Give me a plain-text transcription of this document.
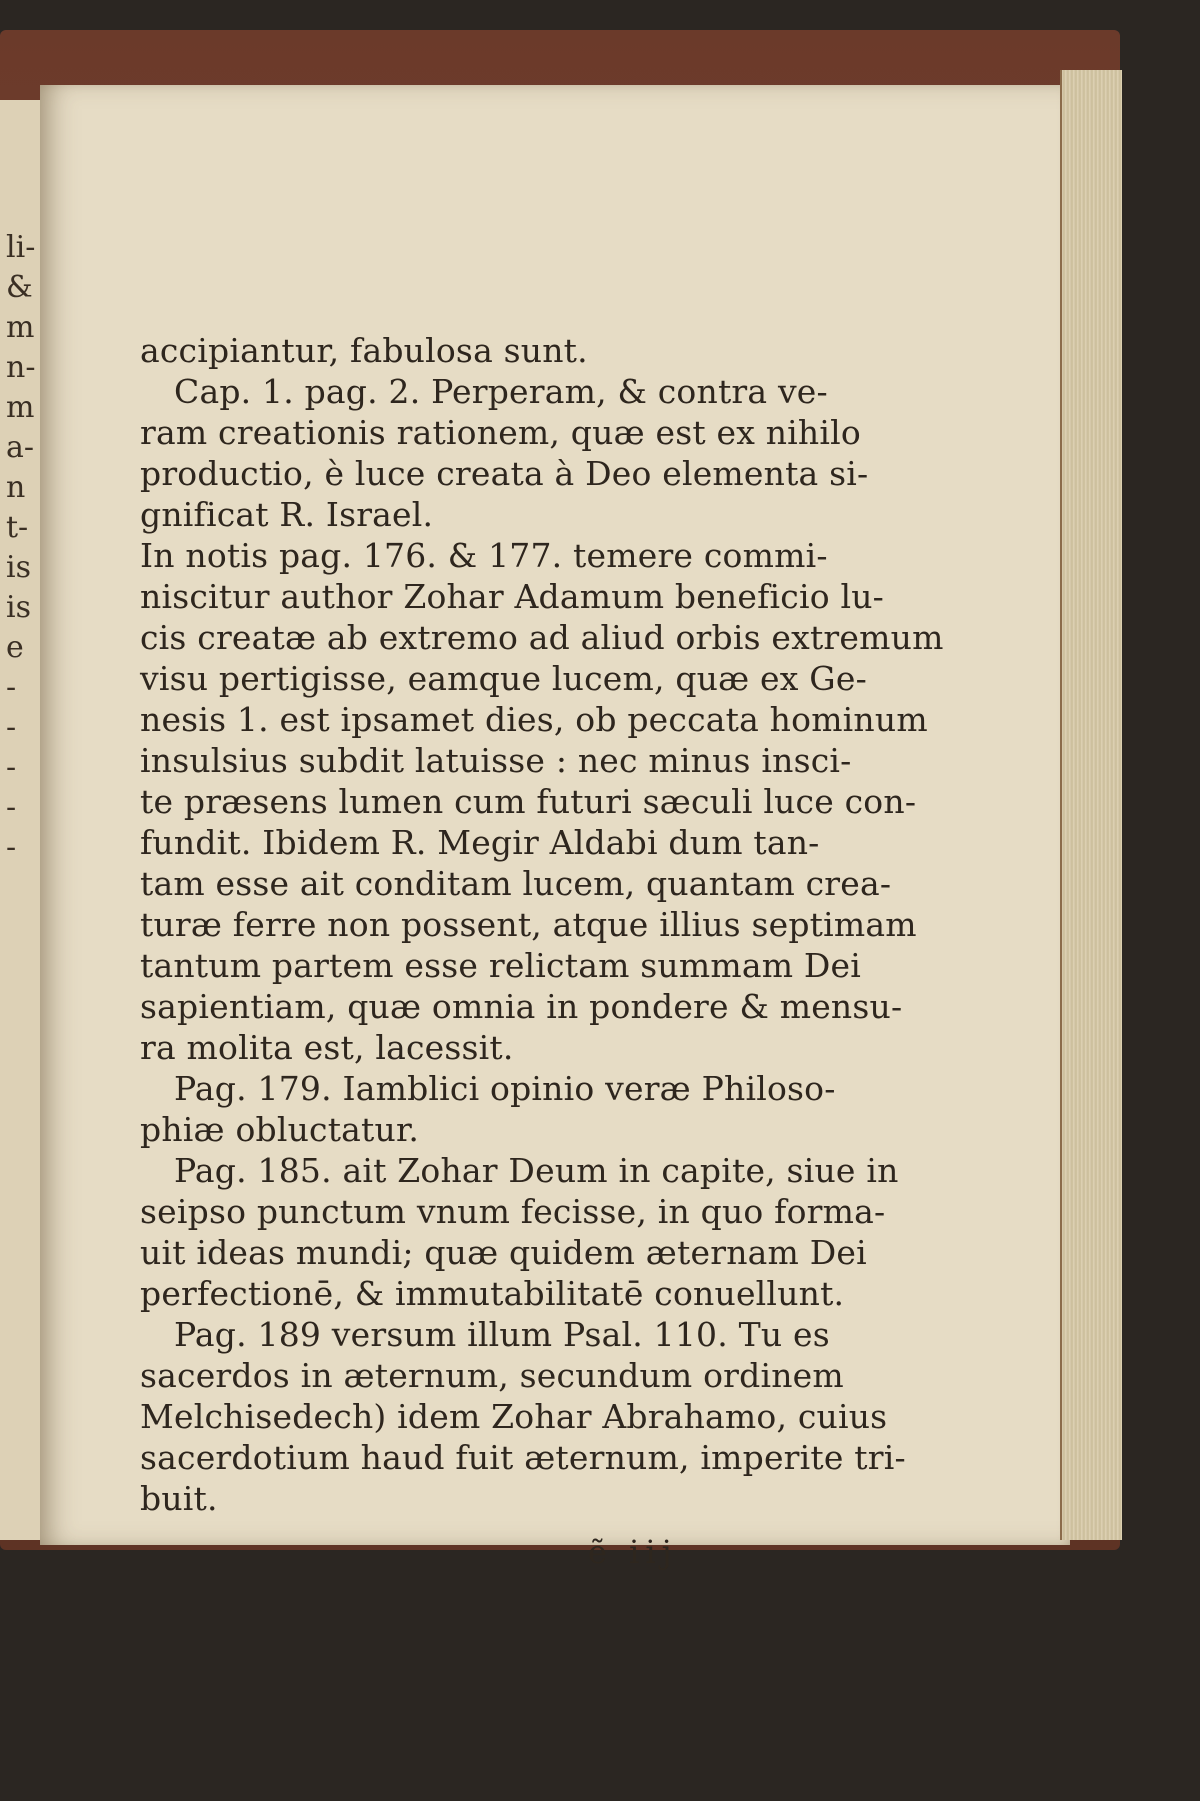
li-
&
m
n-
m
a-
n
t-
is
is
e
-
-
-
-
-
accipiantur, fabulosa sunt.
Cap. 1. pag. 2. Perperam, & contra ve-
ram creationis rationem, quæ est ex nihilo
productio, è luce creata à Deo elementa si-
gnificat R. Israel.
In notis pag. 176. & 177. temere commi-
niscitur author Zohar Adamum beneficio lu-
cis creatæ ab extremo ad aliud orbis extremum
visu pertigisse, eamque lucem, quæ ex Ge-
nesis 1. est ipsamet dies, ob peccata hominum
insulsius subdit latuisse : nec minus insci-
te præsens lumen cum futuri sæculi luce con-
fundit. Ibidem R. Megir Aldabi dum tan-
tam esse ait conditam lucem, quantam crea-
turæ ferre non possent, atque illius septimam
tantum partem esse relictam summam Dei
sapientiam, quæ omnia in pondere & mensu-
ra molita est, lacessit.
Pag. 179. Iamblici opinio veræ Philoso-
phiæ obluctatur.
Pag. 185. ait Zohar Deum in capite, siue in
seipso punctum vnum fecisse, in quo forma-
uit ideas mundi; quæ quidem æternam Dei
perfectionē, & immutabilitatē conuellunt.
Pag. 189 versum illum Psal. 110. Tu es
sacerdos in æternum, secundum ordinem
Melchisedech) idem Zohar Abrahamo, cuius
sacerdotium haud fuit æternum, imperite tri-
buit.
ẽ iij
